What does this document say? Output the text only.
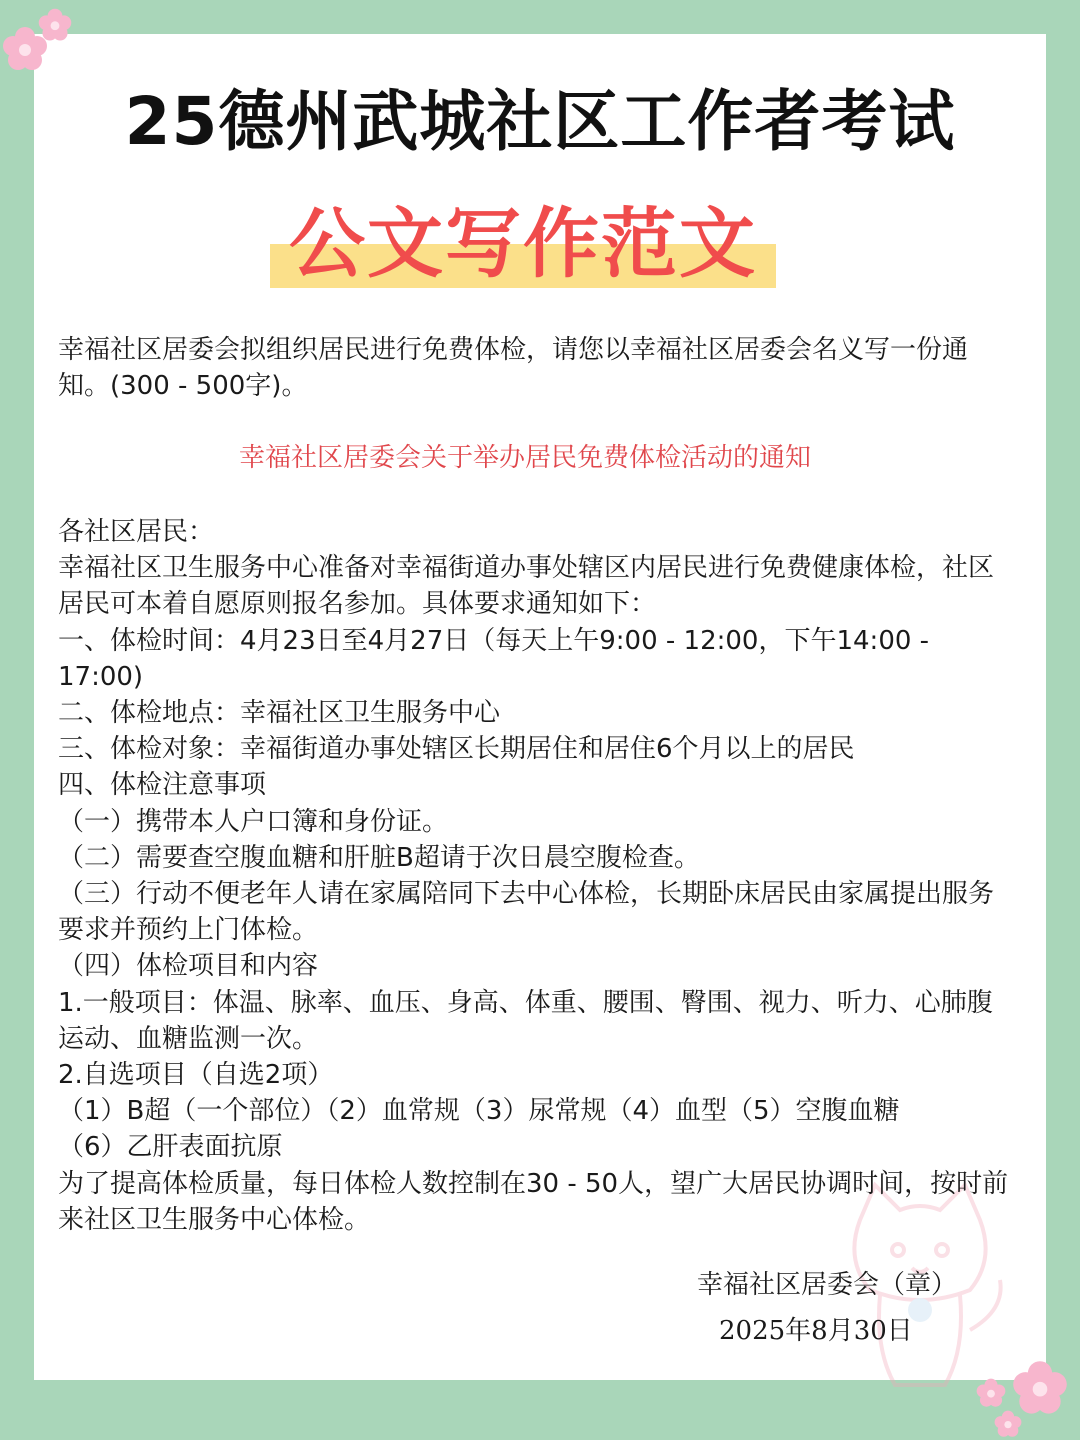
25德州武城社区工作者考试
公文写作范文

幸福社区居委会拟组织居民进行免费体检，请您以幸福社区居委会名义写一份通知。(300 - 500字)。

幸福社区居委会关于举办居民免费体检活动的通知

各社区居民：

幸福社区卫生服务中心准备对幸福街道办事处辖区内居民进行免费健康体检，社区居民可本着自愿原则报名参加。具体要求通知如下：

一、体检时间：4月23日至4月27日（每天上午9:00 - 12:00，下午14:00 - 17:00)

二、体检地点：幸福社区卫生服务中心

三、体检对象：幸福街道办事处辖区长期居住和居住6个月以上的居民

四、体检注意事项

（一）携带本人户口簿和身份证。

（二）需要查空腹血糖和肝脏B超请于次日晨空腹检查。

（三）行动不便老年人请在家属陪同下去中心体检，长期卧床居民由家属提出服务要求并预约上门体检。

（四）体检项目和内容

1.一般项目：体温、脉率、血压、身高、体重、腰围、臀围、视力、听力、心肺腹运动、血糖监测一次。

2.自选项目（自选2项）

（1）B超（一个部位）（2）血常规（3）尿常规（4）血型（5）空腹血糖

（6）乙肝表面抗原

为了提高体检质量，每日体检人数控制在30 - 50人，望广大居民协调时间，按时前来社区卫生服务中心体检。

幸福社区居委会（章）
2025年8月30日
